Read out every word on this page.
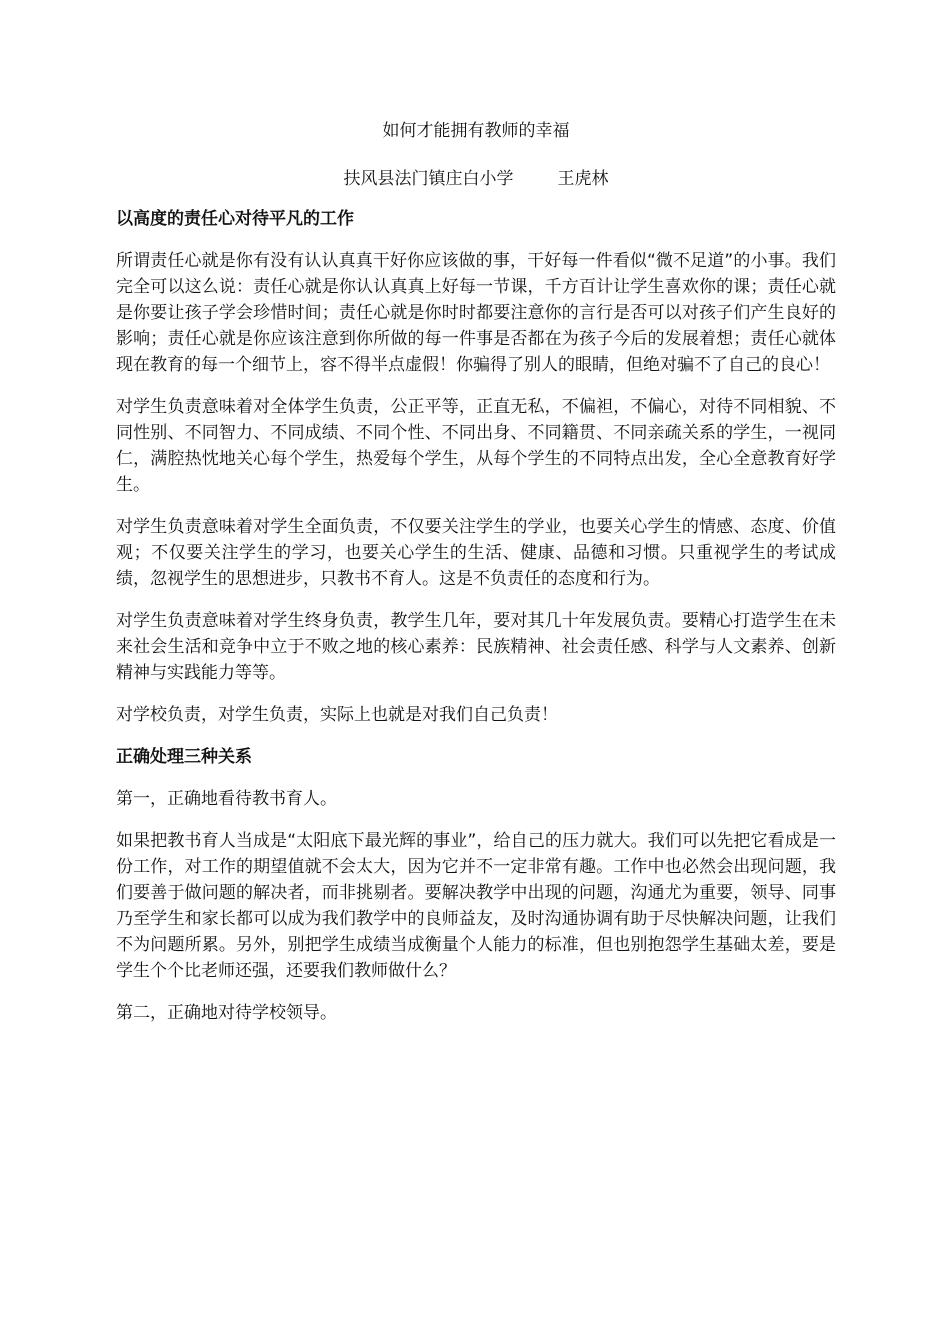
如何才能拥有教师的幸福
扶风县法门镇庄白小学	王虎林
以高度的责任心对待平凡的工作

所谓责任心就是你有没有认认真真干好你应该做的事，干好每一件看似“微不足道”的小事。我们完全可以这么说：责任心就是你认认真真上好每一节课，千方百计让学生喜欢你的课；责任心就是你要让孩子学会珍惜时间；责任心就是你时时都要注意你的言行是否可以对孩子们产生良好的影响；责任心就是你应该注意到你所做的每一件事是否都在为孩子今后的发展着想；责任心就体现在教育的每一个细节上，容不得半点虚假！你骗得了别人的眼睛，但绝对骗不了自己的良心！

对学生负责意味着对全体学生负责，公正平等，正直无私，不偏袒，不偏心，对待不同相貌、不同性别、不同智力、不同成绩、不同个性、不同出身、不同籍贯、不同亲疏关系的学生，一视同仁，满腔热忱地关心每个学生，热爱每个学生，从每个学生的不同特点出发，全心全意教育好学生。

对学生负责意味着对学生全面负责，不仅要关注学生的学业，也要关心学生的情感、态度、价值观；不仅要关注学生的学习，也要关心学生的生活、健康、品德和习惯。只重视学生的考试成绩，忽视学生的思想进步，只教书不育人。这是不负责任的态度和行为。

对学生负责意味着对学生终身负责，教学生几年，要对其几十年发展负责。要精心打造学生在未来社会生活和竞争中立于不败之地的核心素养：民族精神、社会责任感、科学与人文素养、创新精神与实践能力等等。

对学校负责，对学生负责，实际上也就是对我们自己负责！

正确处理三种关系

第一，正确地看待教书育人。

如果把教书育人当成是“太阳底下最光辉的事业”，给自己的压力就大。我们可以先把它看成是一份工作，对工作的期望值就不会太大，因为它并不一定非常有趣。工作中也必然会出现问题，我们要善于做问题的解决者，而非挑剔者。要解决教学中出现的问题，沟通尤为重要，领导、同事乃至学生和家长都可以成为我们教学中的良师益友，及时沟通协调有助于尽快解决问题，让我们不为问题所累。另外，别把学生成绩当成衡量个人能力的标准，但也别抱怨学生基础太差，要是学生个个比老师还强，还要我们教师做什么？

第二，正确地对待学校领导。
